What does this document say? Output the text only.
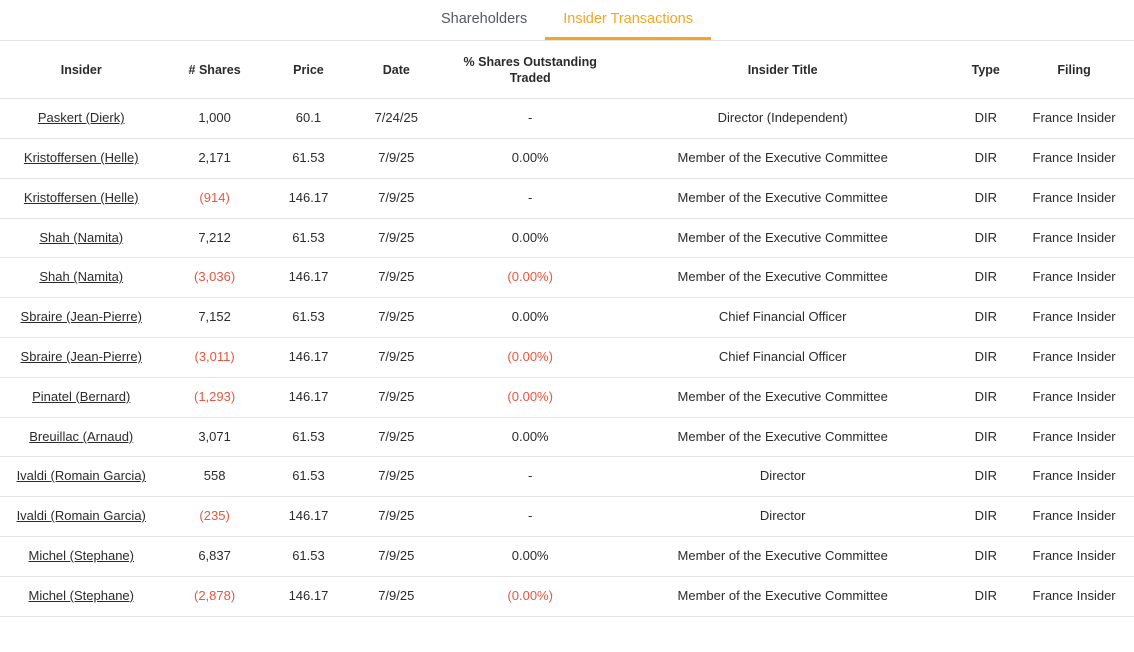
Shareholders	Insider Transactions
Insider	# Shares	Price	Date	% Shares Outstanding Traded	Insider Title	Type	Filing
Paskert (Dierk)	1,000	60.1	7/24/25	-	Director (Independent)	DIR	France Insider
Kristoffersen (Helle)	2,171	61.53	7/9/25	0.00%	Member of the Executive Committee	DIR	France Insider
Kristoffersen (Helle)	(914)	146.17	7/9/25	-	Member of the Executive Committee	DIR	France Insider
Shah (Namita)	7,212	61.53	7/9/25	0.00%	Member of the Executive Committee	DIR	France Insider
Shah (Namita)	(3,036)	146.17	7/9/25	(0.00%)	Member of the Executive Committee	DIR	France Insider
Sbraire (Jean-Pierre)	7,152	61.53	7/9/25	0.00%	Chief Financial Officer	DIR	France Insider
Sbraire (Jean-Pierre)	(3,011)	146.17	7/9/25	(0.00%)	Chief Financial Officer	DIR	France Insider
Pinatel (Bernard)	(1,293)	146.17	7/9/25	(0.00%)	Member of the Executive Committee	DIR	France Insider
Breuillac (Arnaud)	3,071	61.53	7/9/25	0.00%	Member of the Executive Committee	DIR	France Insider
Ivaldi (Romain Garcia)	558	61.53	7/9/25	-	Director	DIR	France Insider
Ivaldi (Romain Garcia)	(235)	146.17	7/9/25	-	Director	DIR	France Insider
Michel (Stephane)	6,837	61.53	7/9/25	0.00%	Member of the Executive Committee	DIR	France Insider
Michel (Stephane)	(2,878)	146.17	7/9/25	(0.00%)	Member of the Executive Committee	DIR	France Insider
